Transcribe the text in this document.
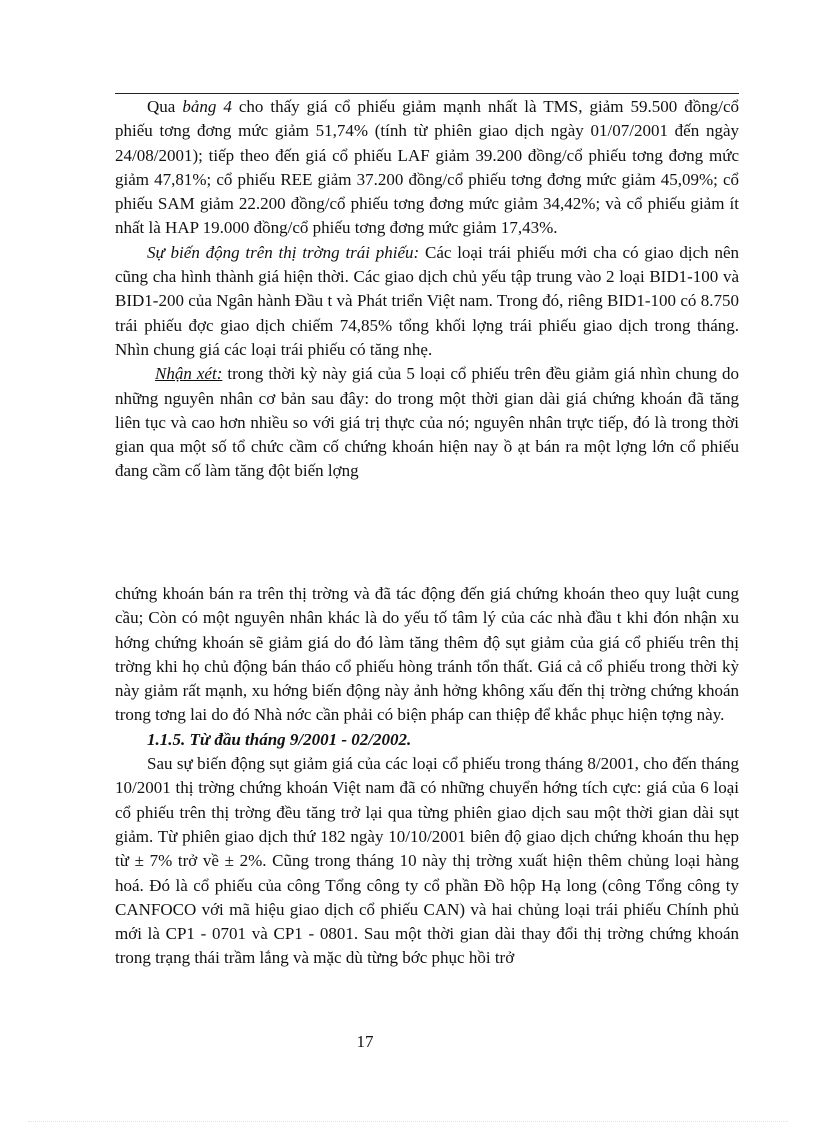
Qua bảng 4 cho thấy giá cổ phiếu giảm mạnh nhất là TMS, giảm 59.500 đồng/cổ phiếu tơng đơng mức giảm 51,74% (tính từ phiên giao dịch ngày 01/07/2001 đến ngày 24/08/2001); tiếp theo đến giá cổ phiếu LAF giảm 39.200 đồng/cổ phiếu tơng đơng mức giảm 47,81%; cổ phiếu REE giảm 37.200 đồng/cổ phiếu tơng đơng mức giảm 45,09%; cổ phiếu SAM giảm 22.200 đồng/cổ phiếu tơng đơng mức giảm 34,42%; và cổ phiếu giảm ít nhất là HAP 19.000 đồng/cổ phiếu tơng đơng mức giảm 17,43%.

Sự biến động trên thị trờng trái phiếu: Các loại trái phiếu mới cha có giao dịch nên cũng cha hình thành giá hiện thời. Các giao dịch chủ yếu tập trung vào 2 loại BID1-100 và BID1-200 của Ngân hành Đầu t và Phát triển Việt nam. Trong đó, riêng BID1-100 có 8.750 trái phiếu đợc giao dịch chiếm 74,85% tổng khối lợng trái phiếu giao dịch trong tháng. Nhìn chung giá các loại trái phiếu có tăng nhẹ.

Nhận xét: trong thời kỳ này giá của 5 loại cổ phiếu trên đều giảm giá nhìn chung do những nguyên nhân cơ bản sau đây: do trong một thời gian dài giá chứng khoán đã tăng liên tục và cao hơn nhiều so với giá trị thực của nó; nguyên nhân trực tiếp, đó là trong thời gian qua một số tổ chức cầm cố chứng khoán hiện nay ồ ạt bán ra một lợng lớn cổ phiếu đang cầm cố làm tăng đột biến lợng

chứng khoán bán ra trên thị trờng và đã tác động đến giá chứng khoán theo quy luật cung cầu; Còn có một nguyên nhân khác là do yếu tố tâm lý của các nhà đầu t khi đón nhận xu hớng chứng khoán sẽ giảm giá do đó làm tăng thêm độ sụt giảm của giá cổ phiếu trên thị trờng khi họ chủ động bán tháo cổ phiếu hòng tránh tổn thất. Giá cả cổ phiếu trong thời kỳ này giảm rất mạnh, xu hớng biến động này ảnh hởng không xấu đến thị trờng chứng khoán trong tơng lai do đó Nhà nớc cần phải có biện pháp can thiệp để khắc phục hiện tợng này.

1.1.5. Từ đầu tháng 9/2001 - 02/2002.

Sau sự biến động sụt giảm giá của các loại cổ phiếu trong tháng 8/2001, cho đến tháng 10/2001 thị trờng chứng khoán Việt nam đã có những chuyển hớng tích cực: giá của 6 loại cổ phiếu trên thị trờng đều tăng trở lại qua từng phiên giao dịch sau một thời gian dài sụt giảm. Từ phiên giao dịch thứ 182 ngày 10/10/2001 biên độ giao dịch chứng khoán thu hẹp từ ± 7% trở về ± 2%. Cũng trong tháng 10 này thị trờng xuất hiện thêm chủng loại hàng hoá. Đó là cổ phiếu của công Tổng công ty cổ phần Đồ hộp Hạ long (công Tổng công ty CANFOCO với mã hiệu giao dịch cổ phiếu CAN) và hai chủng loại trái phiếu Chính phủ mới là CP1 - 0701 và CP1 - 0801. Sau một thời gian dài thay đổi thị trờng chứng khoán trong trạng thái trầm lắng và mặc dù từng bớc phục hồi trở

17
